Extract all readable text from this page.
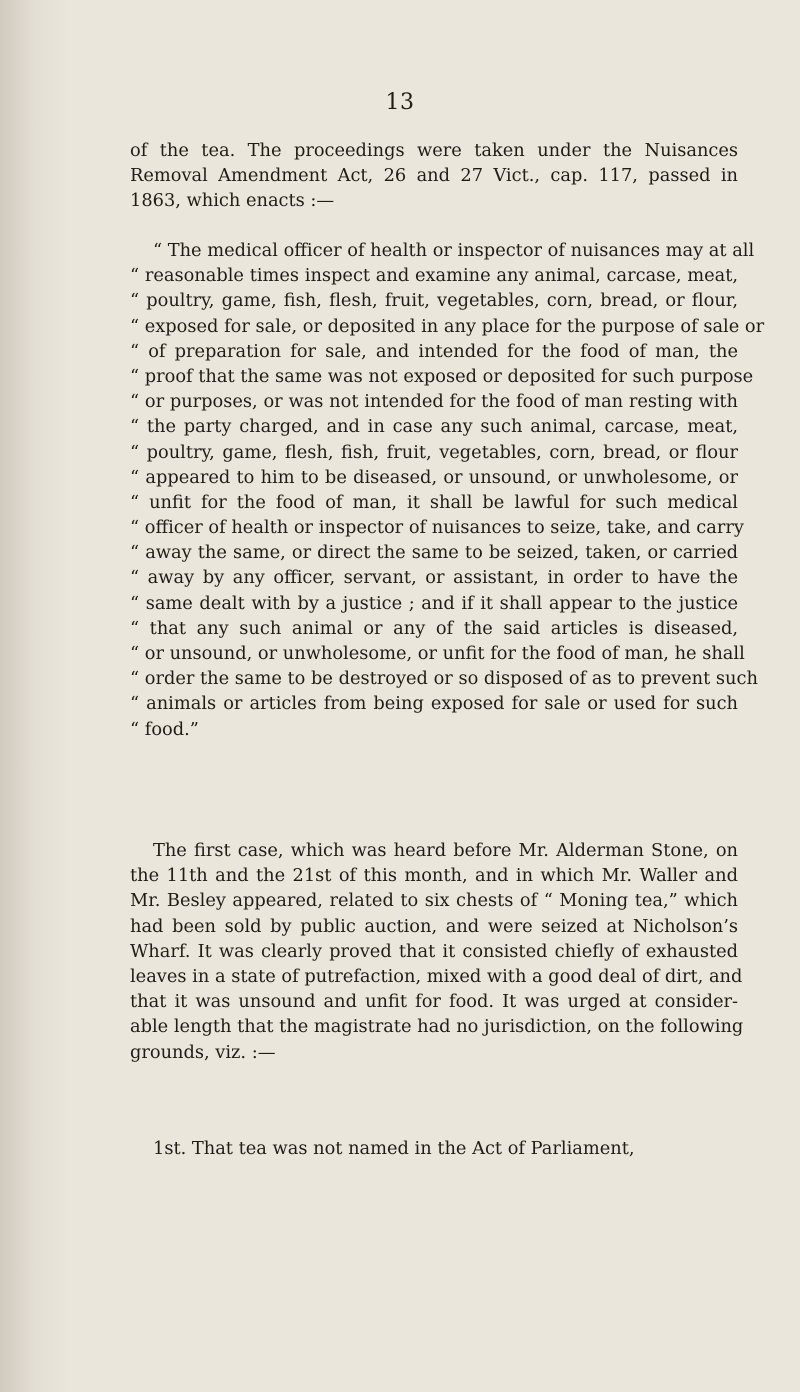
13
of the tea. The proceedings were taken under the Nuisances
Removal Amendment Act, 26 and 27 Vict., cap. 117, passed in
1863, which enacts :—
“ The medical officer of health or inspector of nuisances may at all
“ reasonable times inspect and examine any animal, carcase, meat,
“ poultry, game, fish, flesh, fruit, vegetables, corn, bread, or flour,
“ exposed for sale, or deposited in any place for the purpose of sale or
“ of preparation for sale, and intended for the food of man, the
“ proof that the same was not exposed or deposited for such purpose
“ or purposes, or was not intended for the food of man resting with
“ the party charged, and in case any such animal, carcase, meat,
“ poultry, game, flesh, fish, fruit, vegetables, corn, bread, or flour
“ appeared to him to be diseased, or unsound, or unwholesome, or
“ unfit for the food of man, it shall be lawful for such medical
“ officer of health or inspector of nuisances to seize, take, and carry
“ away the same, or direct the same to be seized, taken, or carried
“ away by any officer, servant, or assistant, in order to have the
“ same dealt with by a justice ; and if it shall appear to the justice
“ that any such animal or any of the said articles is diseased,
“ or unsound, or unwholesome, or unfit for the food of man, he shall
“ order the same to be destroyed or so disposed of as to prevent such
“ animals or articles from being exposed for sale or used for such
“ food.”
The first case, which was heard before Mr. Alderman Stone, on
the 11th and the 21st of this month, and in which Mr. Waller and
Mr. Besley appeared, related to six chests of “ Moning tea,” which
had been sold by public auction, and were seized at Nicholson’s
Wharf. It was clearly proved that it consisted chiefly of exhausted
leaves in a state of putrefaction, mixed with a good deal of dirt, and
that it was unsound and unfit for food. It was urged at consider-
able length that the magistrate had no jurisdiction, on the following
grounds, viz. :—
1st. That tea was not named in the Act of Parliament,
